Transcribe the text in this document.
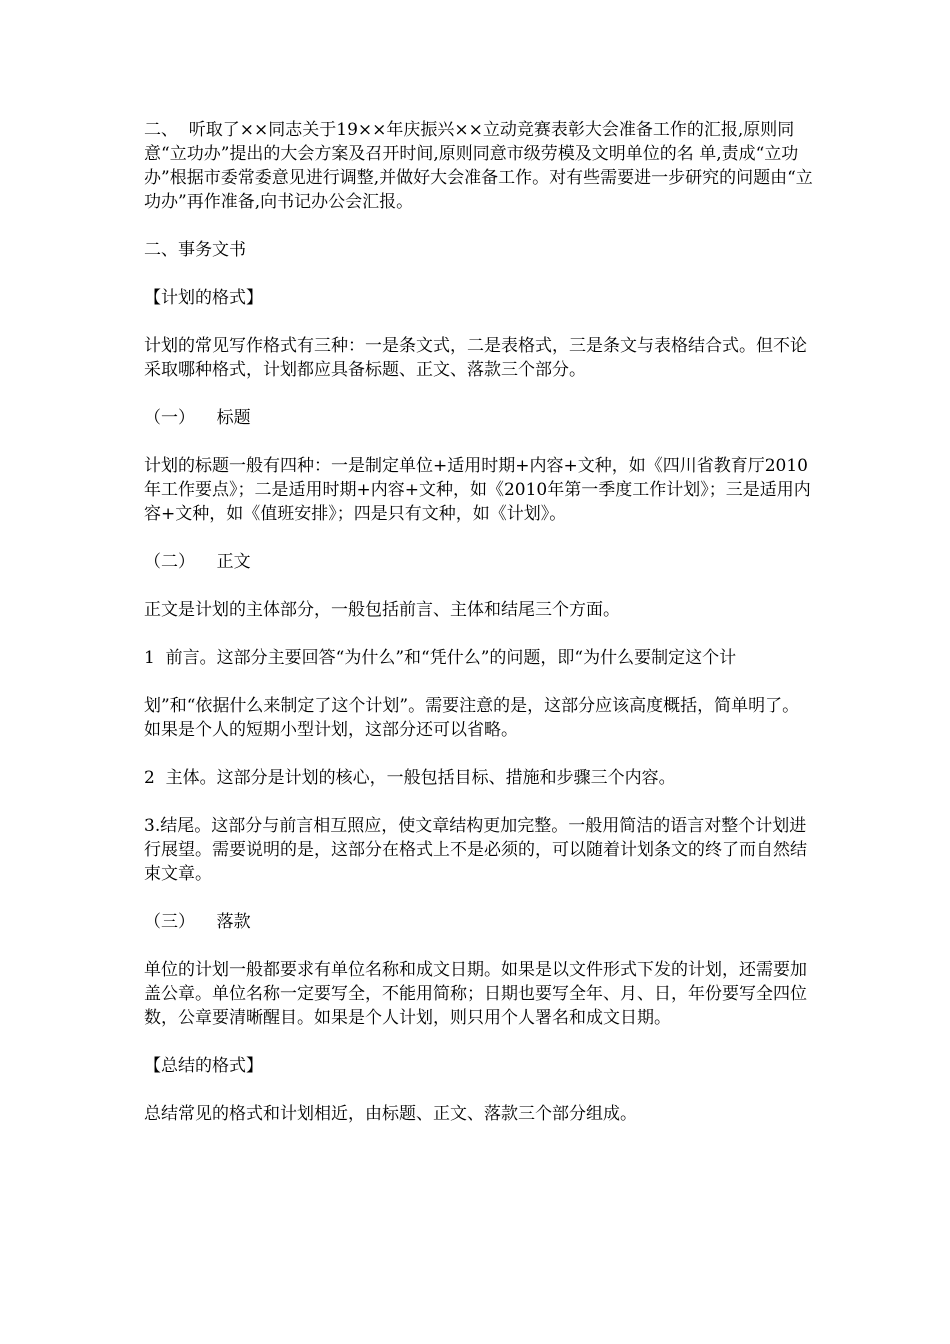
二、  听取了××同志关于19××年庆振兴××立动竞赛表彰大会准备工作的汇报,原则同意“立功办”提出的大会方案及召开时间,原则同意市级劳模及文明单位的名 单,责成“立功办”根据市委常委意见进行调整,并做好大会准备工作。对有些需要进一步研究的问题由“立功办”再作准备,向书记办公会汇报。

二、事务文书

【计划的格式】

计划的常见写作格式有三种：一是条文式，二是表格式，三是条文与表格结合式。但不论采取哪种格式，计划都应具备标题、正文、落款三个部分。

（一）    标题

计划的标题一般有四种：一是制定单位+适用时期+内容+文种，如《四川省教育厅2010年工作要点》；二是适用时期+内容+文种，如《2010年第一季度工作计划》；三是适用内容+文种，如《值班安排》；四是只有文种，如《计划》。

（二）    正文

正文是计划的主体部分，一般包括前言、主体和结尾三个方面。

1  前言。这部分主要回答“为什么”和“凭什么”的问题，即“为什么要制定这个计

划”和“依据什么来制定了这个计划”。需要注意的是，这部分应该高度概括，简单明了。如果是个人的短期小型计划，这部分还可以省略。

2  主体。这部分是计划的核心，一般包括目标、措施和步骤三个内容。

3.结尾。这部分与前言相互照应，使文章结构更加完整。一般用简洁的语言对整个计划进行展望。需要说明的是，这部分在格式上不是必须的，可以随着计划条文的终了而自然结束文章。

（三）    落款

单位的计划一般都要求有单位名称和成文日期。如果是以文件形式下发的计划，还需要加盖公章。单位名称一定要写全，不能用简称；日期也要写全年、月、日，年份要写全四位数，公章要清晰醒目。如果是个人计划，则只用个人署名和成文日期。

【总结的格式】

总结常见的格式和计划相近，由标题、正文、落款三个部分组成。
